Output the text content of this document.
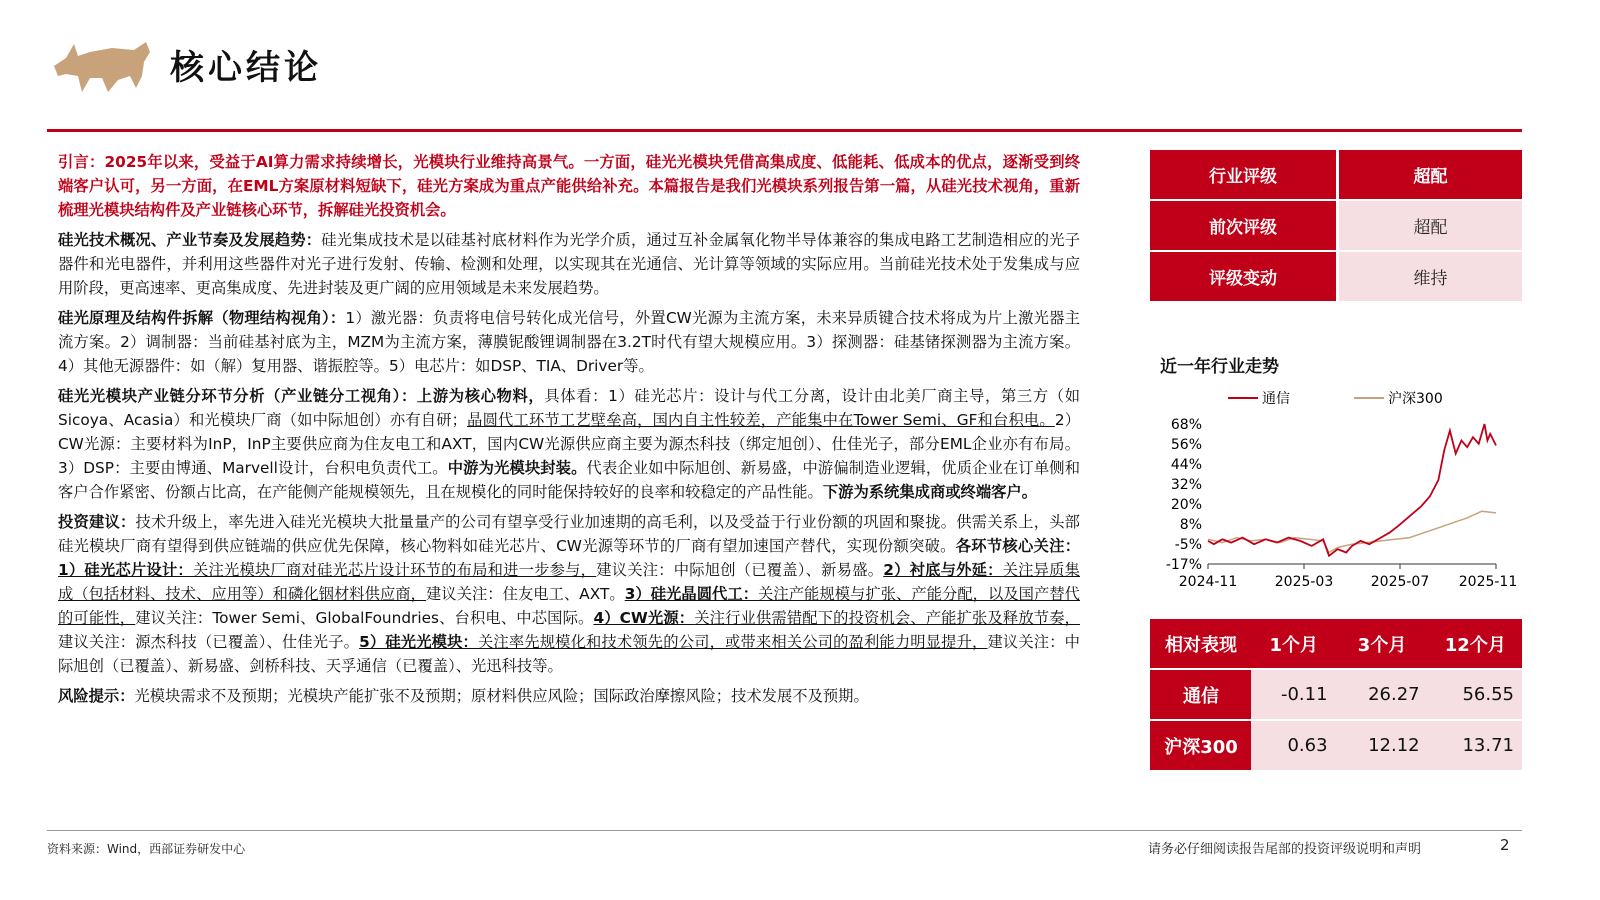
核心结论

引言：2025年以来，受益于AI算力需求持续增长，光模块行业维持高景气。一方面，硅光光模块凭借高集成度、低能耗、低成本的优点，逐渐受到终端客户认可，另一方面，在EML方案原材料短缺下，硅光方案成为重点产能供给补充。本篇报告是我们光模块系列报告第一篇，从硅光技术视角，重新梳理光模块结构件及产业链核心环节，拆解硅光投资机会。

硅光技术概况、产业节奏及发展趋势：硅光集成技术是以硅基衬底材料作为光学介质，通过互补金属氧化物半导体兼容的集成电路工艺制造相应的光子器件和光电器件，并利用这些器件对光子进行发射、传输、检测和处理，以实现其在光通信、光计算等领域的实际应用。当前硅光技术处于发集成与应用阶段，更高速率、更高集成度、先进封装及更广阔的应用领域是未来发展趋势。

硅光原理及结构件拆解（物理结构视角）：1）激光器：负责将电信号转化成光信号，外置CW光源为主流方案，未来异质键合技术将成为片上激光器主流方案。2）调制器：当前硅基衬底为主，MZM为主流方案，薄膜铌酸锂调制器在3.2T时代有望大规模应用。3）探测器：硅基锗探测器为主流方案。4）其他无源器件：如（解）复用器、谐振腔等。5）电芯片：如DSP、TIA、Driver等。

硅光光模块产业链分环节分析（产业链分工视角）：上游为核心物料，具体看：1）硅光芯片：设计与代工分离，设计由北美厂商主导，第三方（如Sicoya、Acasia）和光模块厂商（如中际旭创）亦有自研；晶圆代工环节工艺壁垒高，国内自主性较差，产能集中在Tower Semi、GF和台积电。2）CW光源：主要材料为InP，InP主要供应商为住友电工和AXT，国内CW光源供应商主要为源杰科技（绑定旭创）、仕佳光子，部分EML企业亦有布局。3）DSP：主要由博通、Marvell设计，台积电负责代工。中游为光模块封装。代表企业如中际旭创、新易盛，中游偏制造业逻辑，优质企业在订单侧和客户合作紧密、份额占比高，在产能侧产能规模领先，且在规模化的同时能保持较好的良率和较稳定的产品性能。下游为系统集成商或终端客户。

投资建议：技术升级上，率先进入硅光光模块大批量量产的公司有望享受行业加速期的高毛利，以及受益于行业份额的巩固和聚拢。供需关系上，头部硅光模块厂商有望得到供应链端的供应优先保障，核心物料如硅光芯片、CW光源等环节的厂商有望加速国产替代，实现份额突破。各环节核心关注：1）硅光芯片设计：关注光模块厂商对硅光芯片设计环节的布局和进一步参与，建议关注：中际旭创（已覆盖）、新易盛。2）衬底与外延：关注异质集成（包括材料、技术、应用等）和磷化铟材料供应商，建议关注：住友电工、AXT。3）硅光晶圆代工：关注产能规模与扩张、产能分配，以及国产替代的可能性，建议关注：Tower Semi、GlobalFoundries、台积电、中芯国际。4）CW光源：关注行业供需错配下的投资机会、产能扩张及释放节奏，建议关注：源杰科技（已覆盖）、仕佳光子。5）硅光光模块：关注率先规模化和技术领先的公司，或带来相关公司的盈利能力明显提升，建议关注：中际旭创（已覆盖）、新易盛、剑桥科技、天孚通信（已覆盖）、光迅科技等。

风险提示：光模块需求不及预期；光模块产能扩张不及预期；原材料供应风险；国际政治摩擦风险；技术发展不及预期。

行业评级	超配
前次评级	超配
评级变动	维持
近一年行业走势
通信	沪深300
68%
56%
44%
32%
20%
8%
-5%
-17%
2024-11	2025-03	2025-07 2025-11
相对表现	1个月	3个月	12个月
通信	-0.11	26.27	56.55
沪深300	0.63	12.12	13.71
资料来源：Wind，西部证券研发中心	请务必仔细阅读报告尾部的投资评级说明和声明	2
